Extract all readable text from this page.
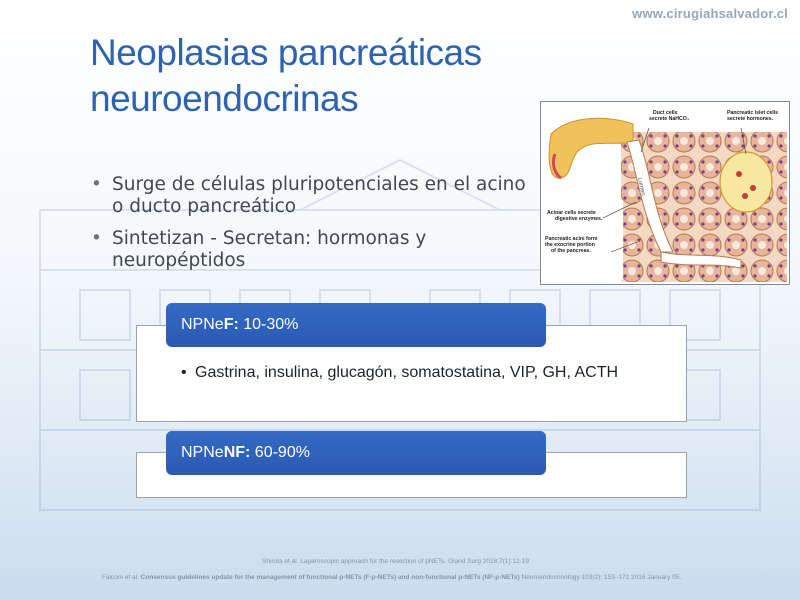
www.cirugiahsalvador.cl
Neoplasias pancreáticas
neuroendocrinas
• Surge de células pluripotenciales en el acino o ducto pancreático
• Sintetizan - Secretan: hormonas y neuropéptidos
Duct cells secrete NaHCO₃
Pancreatic islet cells secrete hormones.
Lumen
Acinar cells secrete digestive enzymes.
Pancreatic acini form the exocrine portion of the pancreas.
NPNe F: 10-30%
• Gastrina, insulina, glucagón, somatostatina, VIP, GH, ACTH
NPNe NF: 60-90%
Shirota et al. Laparoscopic approach for the resection of pNETs. Gland Surg 2018;7(1):12-19
Falconi et al. Consensus guidelines update for the management of functional p-NETs (F-p-NETs) and non-functional p-NETs (NF-p-NETs) Neuroendocrinology 103(2): 153–171 2016 January 05.
